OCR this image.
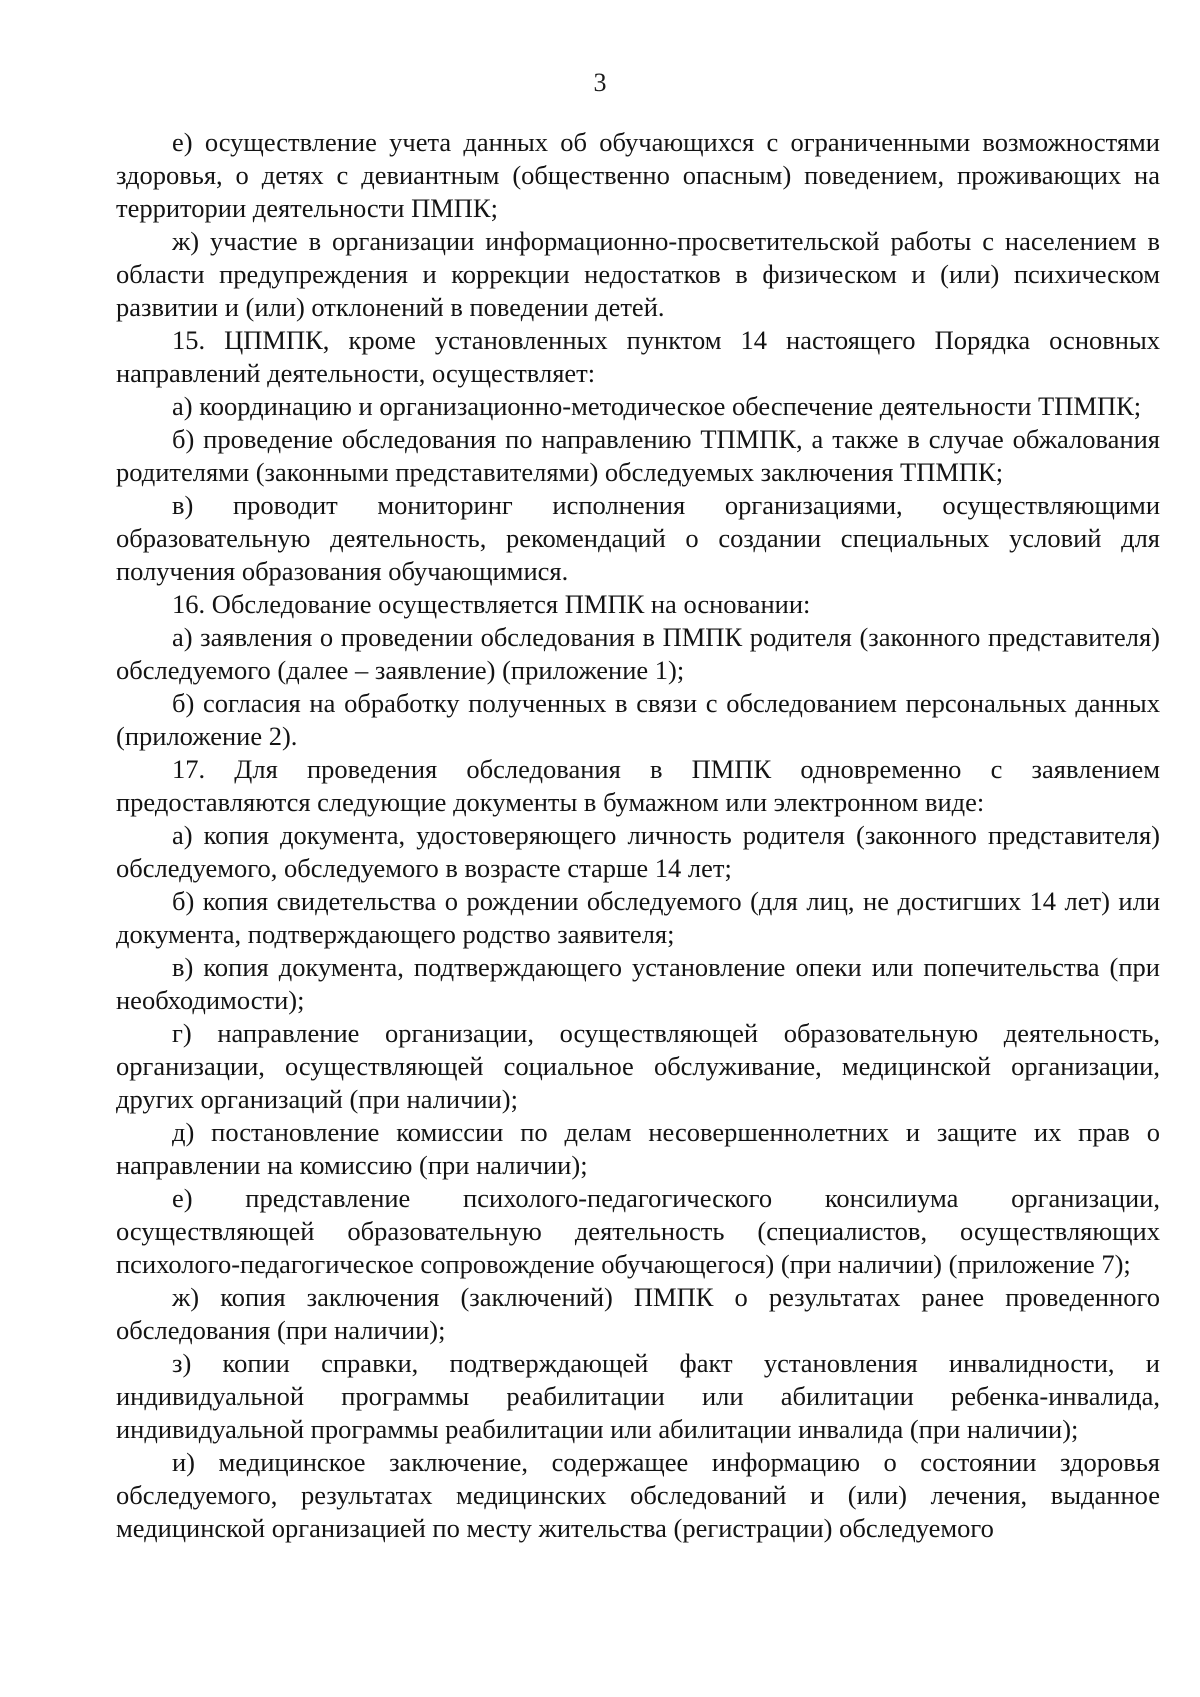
3

е) осуществление учета данных об обучающихся с ограниченными возможностями здоровья, о детях с девиантным (общественно опасным) поведением, проживающих на территории деятельности ПМПК;

ж) участие в организации информационно-просветительской работы с населением в области предупреждения и коррекции недостатков в физическом и (или) психическом развитии и (или) отклонений в поведении детей.

15. ЦПМПК, кроме установленных пунктом 14 настоящего Порядка основных направлений деятельности, осуществляет:

а) координацию и организационно-методическое обеспечение деятельности ТПМПК;

б) проведение обследования по направлению ТПМПК, а также в случае обжалования родителями (законными представителями) обследуемых заключения ТПМПК;

в) проводит мониторинг исполнения организациями, осуществляющими образовательную деятельность, рекомендаций о создании специальных условий для получения образования обучающимися.

16. Обследование осуществляется ПМПК на основании:

а) заявления о проведении обследования в ПМПК родителя (законного представителя) обследуемого (далее – заявление) (приложение 1);

б) согласия на обработку полученных в связи с обследованием персональных данных (приложение 2).

17. Для проведения обследования в ПМПК одновременно с заявлением предоставляются следующие документы в бумажном или электронном виде:

а) копия документа, удостоверяющего личность родителя (законного представителя) обследуемого, обследуемого в возрасте старше 14 лет;

б) копия свидетельства о рождении обследуемого (для лиц, не достигших 14 лет) или документа, подтверждающего родство заявителя;

в) копия документа, подтверждающего установление опеки или попечительства (при необходимости);

г) направление организации, осуществляющей образовательную деятельность, организации, осуществляющей социальное обслуживание, медицинской организации, других организаций (при наличии);

д) постановление комиссии по делам несовершеннолетних и защите их прав о направлении на комиссию (при наличии);

е) представление психолого-педагогического консилиума организации, осуществляющей образовательную деятельность (специалистов, осуществляющих психолого-педагогическое сопровождение обучающегося) (при наличии) (приложение 7);

ж) копия заключения (заключений) ПМПК о результатах ранее проведенного обследования (при наличии);

з) копии справки, подтверждающей факт установления инвалидности, и индивидуальной программы реабилитации или абилитации ребенка-инвалида, индивидуальной программы реабилитации или абилитации инвалида (при наличии);

и) медицинское заключение, содержащее информацию о состоянии здоровья обследуемого, результатах медицинских обследований и (или) лечения, выданное медицинской организацией по месту жительства (регистрации) обследуемого
